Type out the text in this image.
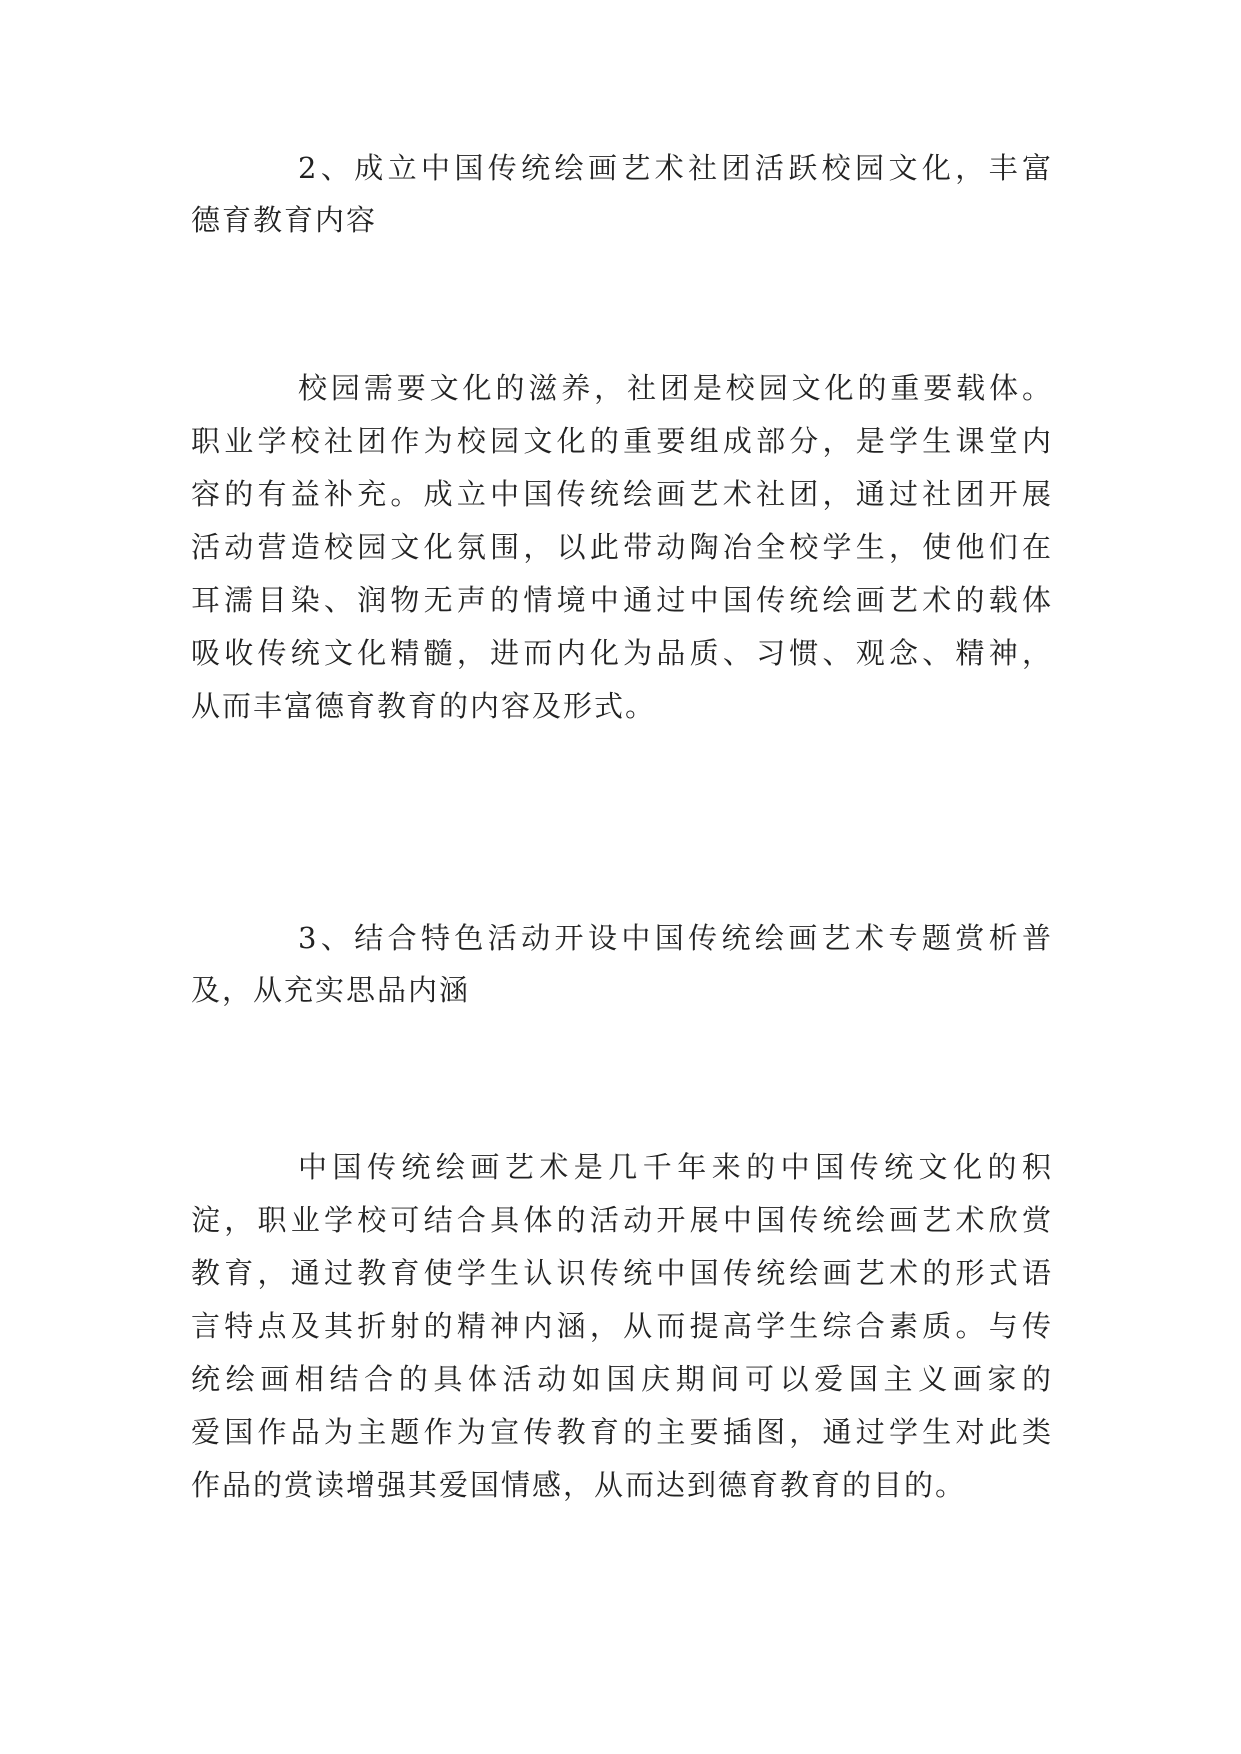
2、成立中国传统绘画艺术社团活跃校园文化，丰富
德育教育内容
校园需要文化的滋养，社团是校园文化的重要载体。
职业学校社团作为校园文化的重要组成部分，是学生课堂内
容的有益补充。成立中国传统绘画艺术社团，通过社团开展
活动营造校园文化氛围，以此带动陶冶全校学生，使他们在
耳濡目染、润物无声的情境中通过中国传统绘画艺术的载体
吸收传统文化精髓，进而内化为品质、习惯、观念、精神，
从而丰富德育教育的内容及形式。
3、结合特色活动开设中国传统绘画艺术专题赏析普
及，从充实思品内涵
中国传统绘画艺术是几千年来的中国传统文化的积
淀，职业学校可结合具体的活动开展中国传统绘画艺术欣赏
教育，通过教育使学生认识传统中国传统绘画艺术的形式语
言特点及其折射的精神内涵，从而提高学生综合素质。与传
统绘画相结合的具体活动如国庆期间可以爱国主义画家的
爱国作品为主题作为宣传教育的主要插图，通过学生对此类
作品的赏读增强其爱国情感，从而达到德育教育的目的。
